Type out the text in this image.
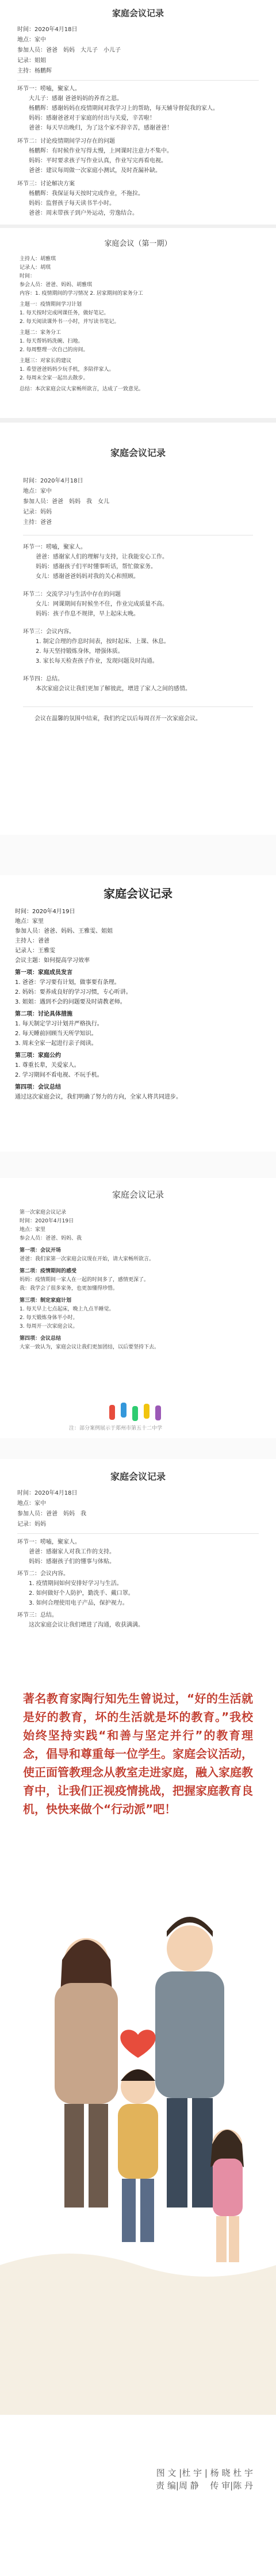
家庭会议记录
时间：2020年4月18日
地点：家中
参加人员：爸爸　妈妈　大儿子　小儿子
记录：姐姐
主持：杨鹏辉
环节一：唠嗑，聚家人。
大儿子：感谢 爸爸妈妈的养育之恩。
杨鹏辉：感谢妈妈在疫情期间对我学习上的帮助，每天辅导督促我的家人。
妈妈：感谢爸爸对于家庭的付出与关爱，辛苦啦！
爸爸：每天早出晚归，为了这个家不辞辛苦，感谢爸爸！
环节二：讨论疫情期间学习存在的问题
杨鹏辉：有时候作业写得太慢，上网课时注意力不集中。
妈妈：平时要求孩子写作业认真，作业写完再看电视。
爸爸：建议每周做一次家庭小测试，及时查漏补缺。
环节三：讨论解决方案
杨鹏辉：我保证每天按时完成作业，不拖拉。
妈妈：监督孩子每天读书半小时。
爸爸：周末带孩子到户外运动，劳逸结合。
家庭会议（第一期）
主持人：胡雅琪
记录人：胡琪
时间：
参会人员：爸爸、妈妈、胡雅琪
内容：1. 疫情期间的学习情况 2. 居家期间的家务分工
主题一：疫情期间学习计划
1. 每天按时完成网课任务，做好笔记。
2. 每天阅读课外书一小时，并写读书笔记。
主题二：家务分工
1. 每天帮妈妈洗碗、扫地。
2. 每周整理一次自己的房间。
主题三：对家长的建议
1. 希望爸爸妈妈少玩手机，多陪伴家人。
2. 每周末全家一起出去散步。
总结：本次家庭会议大家畅所欲言，达成了一致意见。
家庭会议记录
时间：2020年4月18日
地点：家中
参加人员：爸爸　妈妈　我　女儿
记录：妈妈
主持：爸爸
环节一：唠嗑，聚家人。
爸爸：感谢家人们的理解与支持，让我能安心工作。
妈妈：感谢孩子们平时懂事听话，帮忙做家务。
女儿：感谢爸爸妈妈对我的关心和照顾。
环节二：交流学习与生活中存在的问题
女儿：网课期间有时候坐不住，作业完成质量不高。
妈妈：孩子作息不规律，早上起床太晚。
环节三：会议内容。
1. 制定合理的作息时间表，按时起床、上课、休息。
2. 每天坚持锻炼身体，增强体质。
3. 家长每天检查孩子作业，发现问题及时沟通。
环节四：总结。
本次家庭会议让我们更加了解彼此，增进了家人之间的感情。
会议在温馨的氛围中结束，我们约定以后每周召开一次家庭会议。
家庭会议记录
时间：2020年4月19日
地点：家里
参加人员：爸爸、妈妈、王雅雯、姐姐
主持人：爸爸
记录人：王雅雯
会议主题：如何提高学习效率
第一项：家庭成员发言
1. 爸爸：学习要有计划，做事要有条理。
2. 妈妈：要养成良好的学习习惯，专心听讲。
3. 姐姐：遇到不会的问题要及时请教老师。
第二项：讨论具体措施
1. 每天制定学习计划并严格执行。
2. 每天睡前回顾当天所学知识。
3. 周末全家一起进行亲子阅读。
第三项：家庭公约
1. 尊重长辈，关爱家人。
2. 学习期间不看电视、不玩手机。
第四项：会议总结
通过这次家庭会议，我们明确了努力的方向，全家人将共同进步。
家庭会议记录
第一次家庭会议记录
时间：2020年4月19日
地点：家里
参会人员：爸爸、妈妈、我
第一项：会议开场
爸爸：我们家第一次家庭会议现在开始，请大家畅所欲言。
第二项：疫情期间的感受
妈妈：疫情期间一家人在一起的时间多了，感情更深了。
我：我学会了很多家务，也更加懂得珍惜。
第三项：制定家庭计划
1. 每天早上七点起床，晚上九点半睡觉。
2. 每天锻炼身体半小时。
3. 每周开一次家庭会议。
第四项：会议总结
大家一致认为，家庭会议让我们更加团结，以后要坚持下去。
注：部分案例展示于郑州市第五十二中学
家庭会议记录
时间：2020年4月18日
地点：家中
参加人员：爸爸　妈妈　我
记录：妈妈
环节一：唠嗑，聚家人。
爸爸：感谢家人对我工作的支持。
妈妈：感谢孩子们的懂事与体贴。
环节二：会议内容。
1. 疫情期间如何安排好学习与生活。
2. 如何做好个人防护，勤洗手、戴口罩。
3. 如何合理使用电子产品，保护视力。
环节三：总结。
这次家庭会议让我们增进了沟通，收获满满。
著名教育家陶行知先生曾说过，“好的生活就是好的教育，坏的生活就是坏的教育。”我校始终坚持实践“和善与坚定并行”的教育理念，倡导和尊重每一位学生。家庭会议活动，使正面管教理念从教室走进家庭，融入家庭教育中，让我们正视疫情挑战，把握家庭教育良机，快快来做个“行动派”吧！
图 文 |杜 宇 | 杨 晓 杜 宇
责 编|周 静 　传 审|陈 丹
